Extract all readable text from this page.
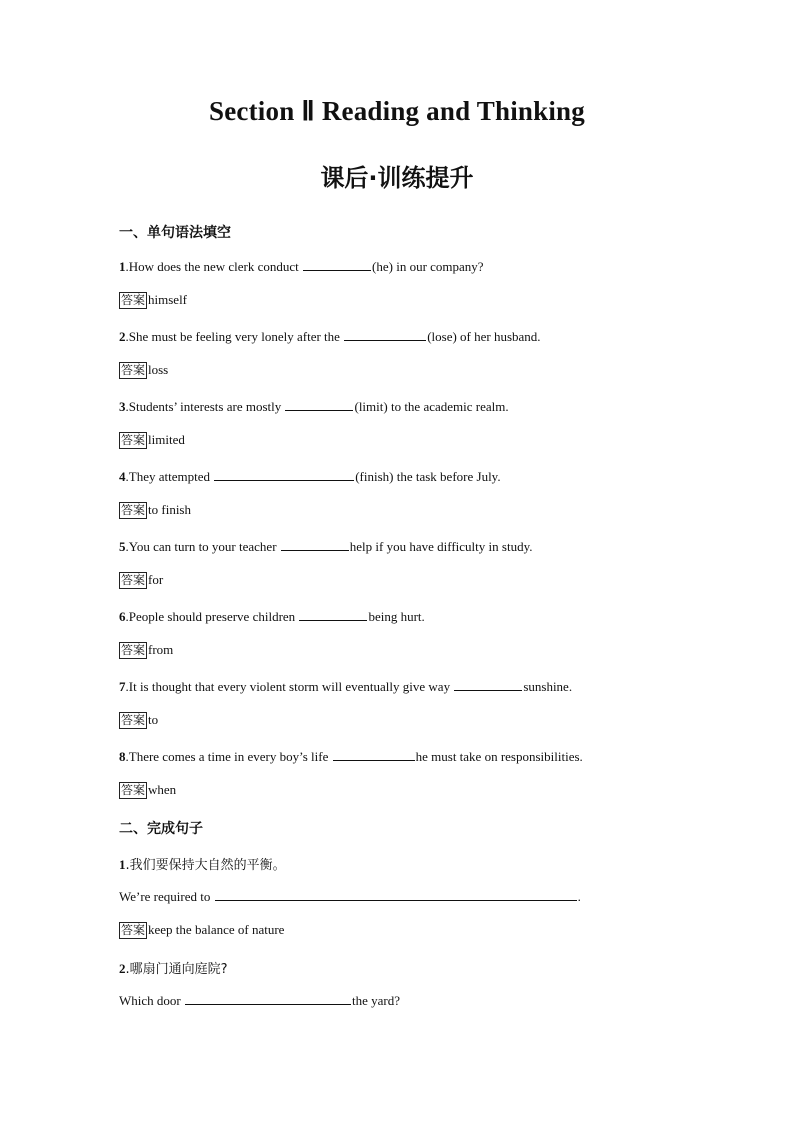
Section Ⅱ Reading and Thinking
课后·训练提升
一、单句语法填空
1.How does the new clerk conduct	(he) in our company?
答案 himself
2.She must be feeling very lonely after the	(lose) of her husband.
答案 loss
3.Students’ interests are mostly	(limit) to the academic realm.
答案 limited
4.They attempted	(finish) the task before July.
答案 to finish
5.You can turn to your teacher	help if you have difficulty in study.
答案 for
6.People should preserve children	being hurt.
答案 from
7.It is thought that every violent storm will eventually give way	sunshine.
答案 to
8.There comes a time in every boy’s life	he must take on responsibilities.
答案 when
二、完成句子
1.我们要保持大自然的平衡。
We’re required to	.
答案 keep the balance of nature
2.哪扇门通向庭院?
Which door	the yard?
